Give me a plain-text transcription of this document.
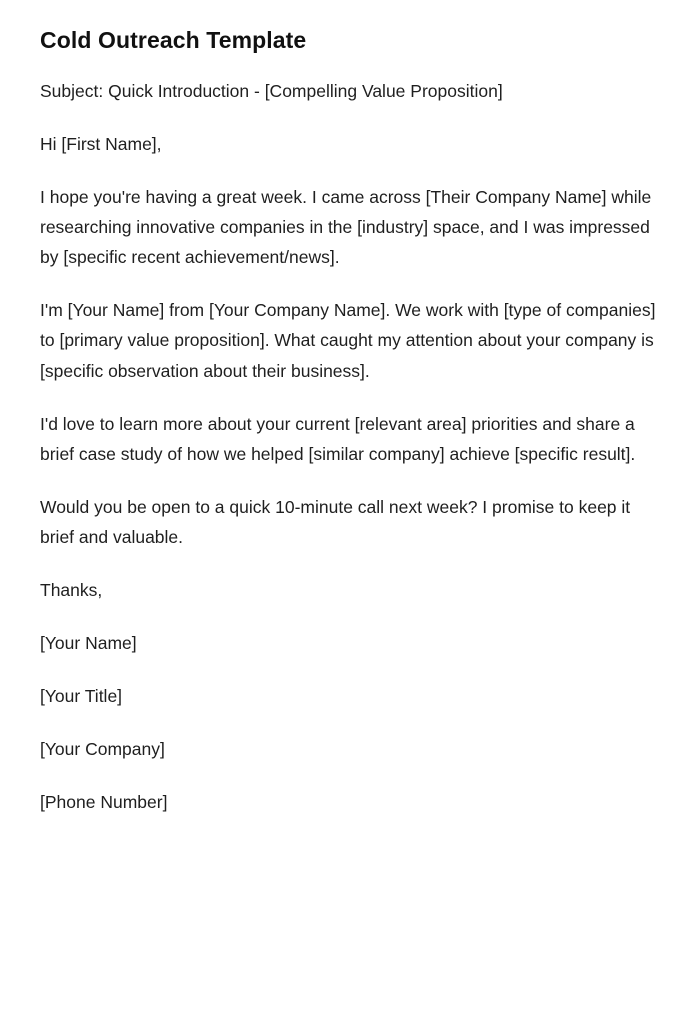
Cold Outreach Template

Subject: Quick Introduction - [Compelling Value Proposition]

Hi [First Name],

I hope you're having a great week. I came across [Their Company Name] while researching innovative companies in the [industry] space, and I was impressed by [specific recent achievement/news].

I'm [Your Name] from [Your Company Name]. We work with [type of companies] to [primary value proposition]. What caught my attention about your company is [specific observation about their business].

I'd love to learn more about your current [relevant area] priorities and share a brief case study of how we helped [similar company] achieve [specific result].

Would you be open to a quick 10-minute call next week? I promise to keep it brief and valuable.

Thanks,

[Your Name]

[Your Title]

[Your Company]

[Phone Number]
